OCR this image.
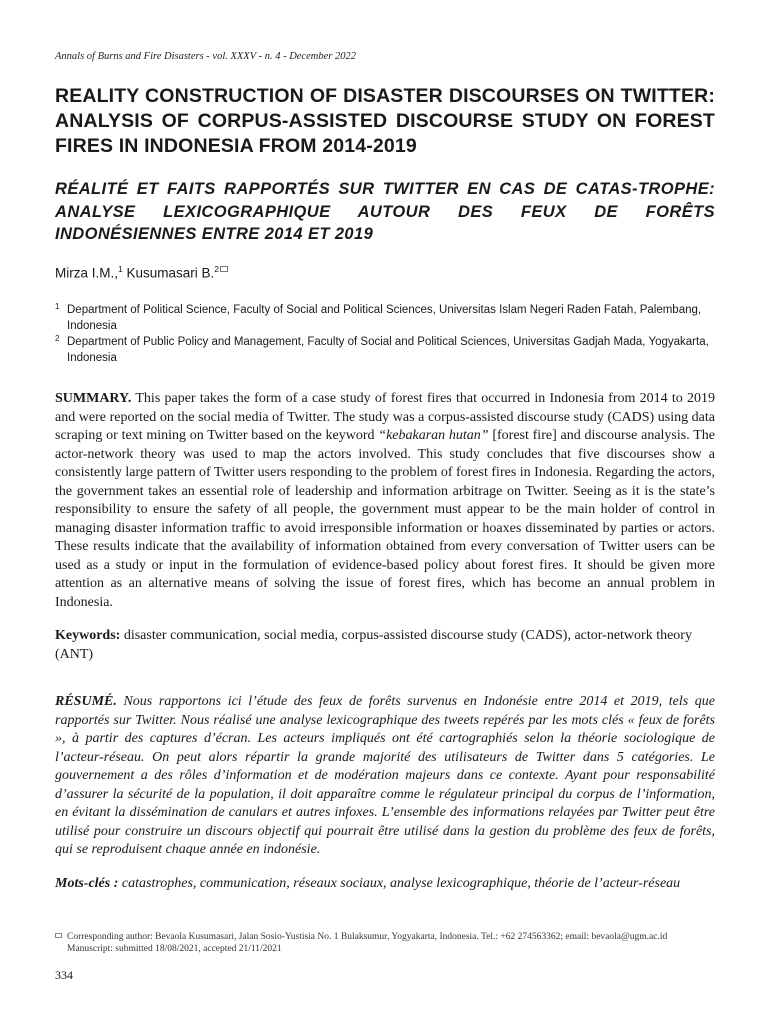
Annals of Burns and Fire Disasters - vol. XXXV - n. 4 - December 2022
REALITY CONSTRUCTION OF DISASTER DISCOURSES ON TWITTER: ANALYSIS OF CORPUS-ASSISTED DISCOURSE STUDY ON FOREST FIRES IN INDONESIA FROM 2014-2019
RÉALITÉ ET FAITS RAPPORTÉS SUR TWITTER EN CAS DE CATAS-TROPHE: ANALYSE LEXICOGRAPHIQUE AUTOUR DES FEUX DE FORÊTS INDONÉSIENNES ENTRE 2014 ET 2019
Mirza I.M.,$^1$ Kusumasari B.$^2$
1 Department of Political Science, Faculty of Social and Political Sciences, Universitas Islam Negeri Raden Fatah, Palembang, Indonesia
2 Department of Public Policy and Management, Faculty of Social and Political Sciences, Universitas Gadjah Mada, Yogyakarta, Indonesia

SUMMARY. This paper takes the form of a case study of forest fires that occurred in Indonesia from 2014 to 2019 and were reported on the social media of Twitter. The study was a corpus-assisted discourse study (CADS) using data scraping or text mining on Twitter based on the keyword “kebakaran hutan” [forest fire] and discourse analysis. The actor-network theory was used to map the actors involved. This study concludes that five discourses show a consistently large pattern of Twitter users responding to the problem of forest fires in Indonesia. Regarding the actors, the government takes an essential role of leadership and information arbitrage on Twitter. Seeing as it is the state’s responsibility to ensure the safety of all people, the government must appear to be the main holder of control in managing disaster information traffic to avoid irresponsible information or hoaxes disseminated by parties or actors. These results indicate that the availability of information obtained from every conversation of Twitter users can be used as a study or input in the formulation of evidence-based policy about forest fires. It should be given more attention as an alternative means of solving the issue of forest fires, which has become an annual problem in Indonesia.

Keywords: disaster communication, social media, corpus-assisted discourse study (CADS), actor-network theory (ANT)

RÉSUMÉ. Nous rapportons ici l’étude des feux de forêts survenus en Indonésie entre 2014 et 2019, tels que rapportés sur Twitter. Nous réalisé une analyse lexicographique des tweets repérés par les mots clés « feux de forêts », à partir des captures d’écran. Les acteurs impliqués ont été cartographiés selon la théorie sociologique de l’acteur-réseau. On peut alors répartir la grande majorité des utilisateurs de Twitter dans 5 catégories. Le gouvernement a des rôles d’information et de modération majeurs dans ce contexte. Ayant pour responsabilité d’assurer la sécurité de la population, il doit apparaître comme le régulateur principal du corpus de l’information, en évitant la dissémination de canulars et autres infoxes. L’ensemble des informations relayées par Twitter peut être utilisé pour construire un discours objectif qui pourrait être utilisé dans la gestion du problème des feux de forêts, qui se reproduisent chaque année en indonésie.

Mots-clés : catastrophes, communication, réseaux sociaux, analyse lexicographique, théorie de l’acteur-réseau

Corresponding author: Bevaola Kusumasari, Jalan Sosio-Yustisia No. 1 Bulaksumur, Yogyakarta, Indonesia. Tel.: +62 274563362; email: bevaola@ugm.ac.id
Manuscript: submitted 18/08/2021, accepted 21/11/2021
334
